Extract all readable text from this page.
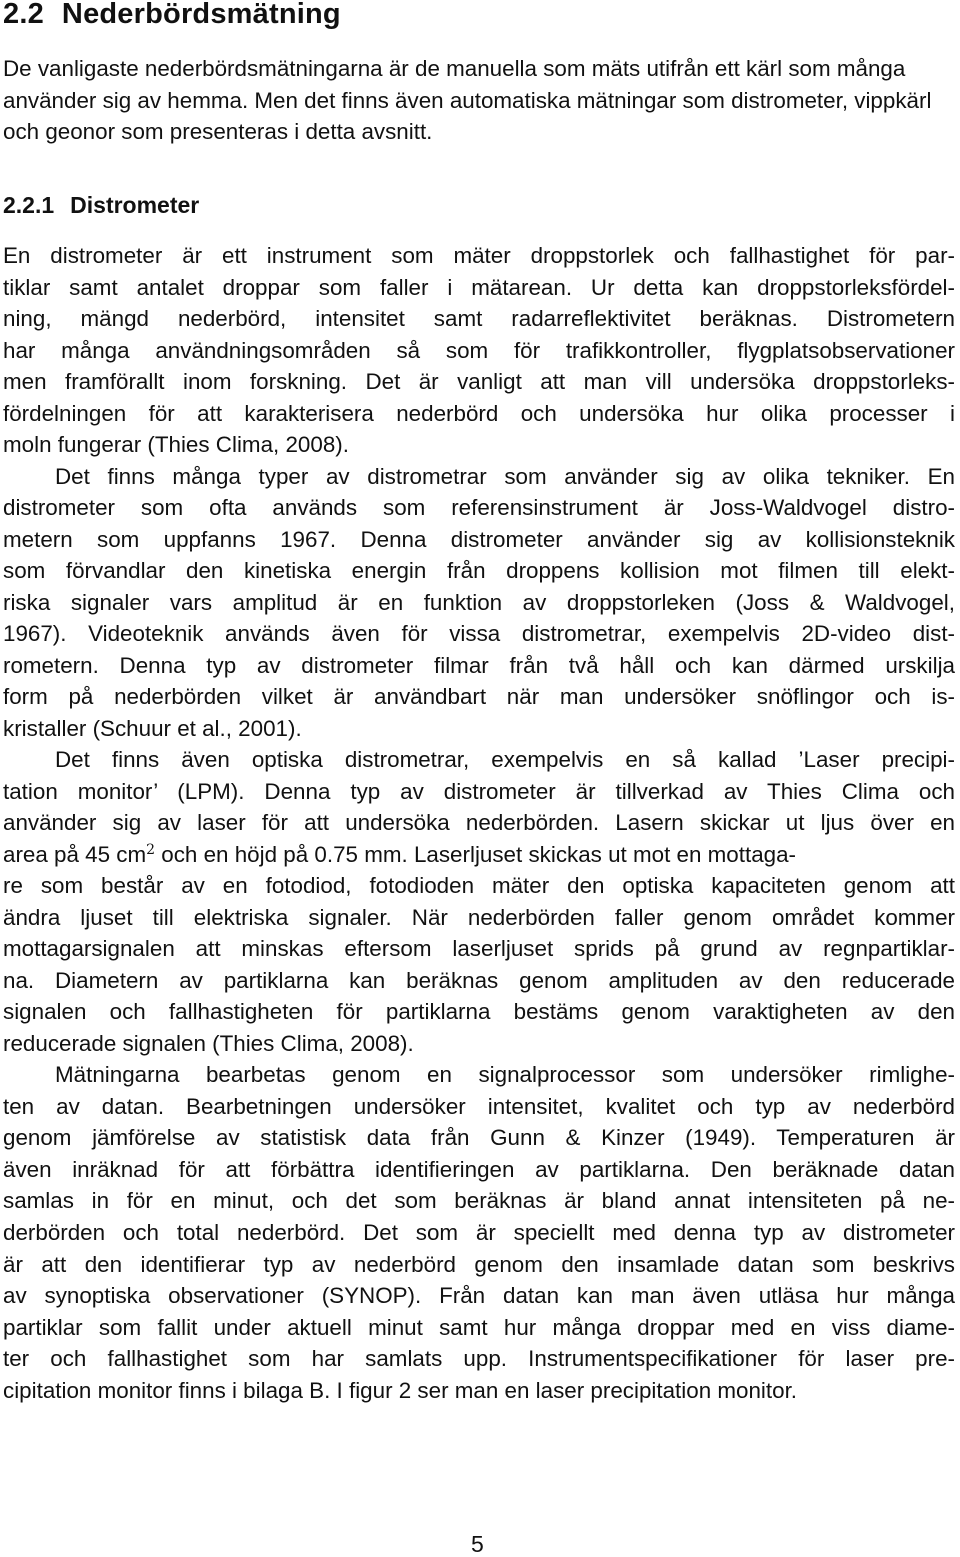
2.2 Nederbördsmätning

De vanligaste nederbördsmätningarna är de manuella som mäts utifrån ett kärl som många använder sig av hemma. Men det finns även automatiska mätningar som distrometer, vippkärl och geonor som presenteras i detta avsnitt.

2.2.1 Distrometer
En distrometer är ett instrument som mäter droppstorlek och fallhastighet för par-
tiklar samt antalet droppar som faller i mätarean. Ur detta kan droppstorleksfördel-
ning, mängd nederbörd, intensitet samt radarreflektivitet beräknas. Distrometern
har många användningsområden så som för trafikkontroller, flygplatsobservationer
men framförallt inom forskning. Det är vanligt att man vill undersöka droppstorleks-
fördelningen för att karakterisera nederbörd och undersöka hur olika processer i
moln fungerar (Thies Clima, 2008).
Det finns många typer av distrometrar som använder sig av olika tekniker. En
distrometer som ofta används som referensinstrument är Joss-Waldvogel distro-
metern som uppfanns 1967. Denna distrometer använder sig av kollisionsteknik
som förvandlar den kinetiska energin från droppens kollision mot filmen till elekt-
riska signaler vars amplitud är en funktion av droppstorleken (Joss & Waldvogel,
1967). Videoteknik används även för vissa distrometrar, exempelvis 2D-video dist-
rometern. Denna typ av distrometer filmar från två håll och kan därmed urskilja
form på nederbörden vilket är användbart när man undersöker snöflingor och is-
kristaller (Schuur et al., 2001).
Det finns även optiska distrometrar, exempelvis en så kallad ’Laser precipi-
tation monitor’ (LPM). Denna typ av distrometer är tillverkad av Thies Clima och
använder sig av laser för att undersöka nederbörden. Lasern skickar ut ljus över en
area på 45 $cm^2$ och en höjd på 0.75 mm. Laserljuset skickas ut mot en mottaga-
re som består av en fotodiod, fotodioden mäter den optiska kapaciteten genom att
ändra ljuset till elektriska signaler. När nederbörden faller genom området kommer
mottagarsignalen att minskas eftersom laserljuset sprids på grund av regnpartiklar-
na. Diametern av partiklarna kan beräknas genom amplituden av den reducerade
signalen och fallhastigheten för partiklarna bestäms genom varaktigheten av den
reducerade signalen (Thies Clima, 2008).
Mätningarna bearbetas genom en signalprocessor som undersöker rimlighe-
ten av datan. Bearbetningen undersöker intensitet, kvalitet och typ av nederbörd
genom jämförelse av statistisk data från Gunn & Kinzer (1949). Temperaturen är
även inräknad för att förbättra identifieringen av partiklarna. Den beräknade datan
samlas in för en minut, och det som beräknas är bland annat intensiteten på ne-
derbörden och total nederbörd. Det som är speciellt med denna typ av distrometer
är att den identifierar typ av nederbörd genom den insamlade datan som beskrivs
av synoptiska observationer (SYNOP). Från datan kan man även utläsa hur många
partiklar som fallit under aktuell minut samt hur många droppar med en viss diame-
ter och fallhastighet som har samlats upp. Instrumentspecifikationer för laser pre-
cipitation monitor finns i bilaga B. I figur 2 ser man en laser precipitation monitor.
5
